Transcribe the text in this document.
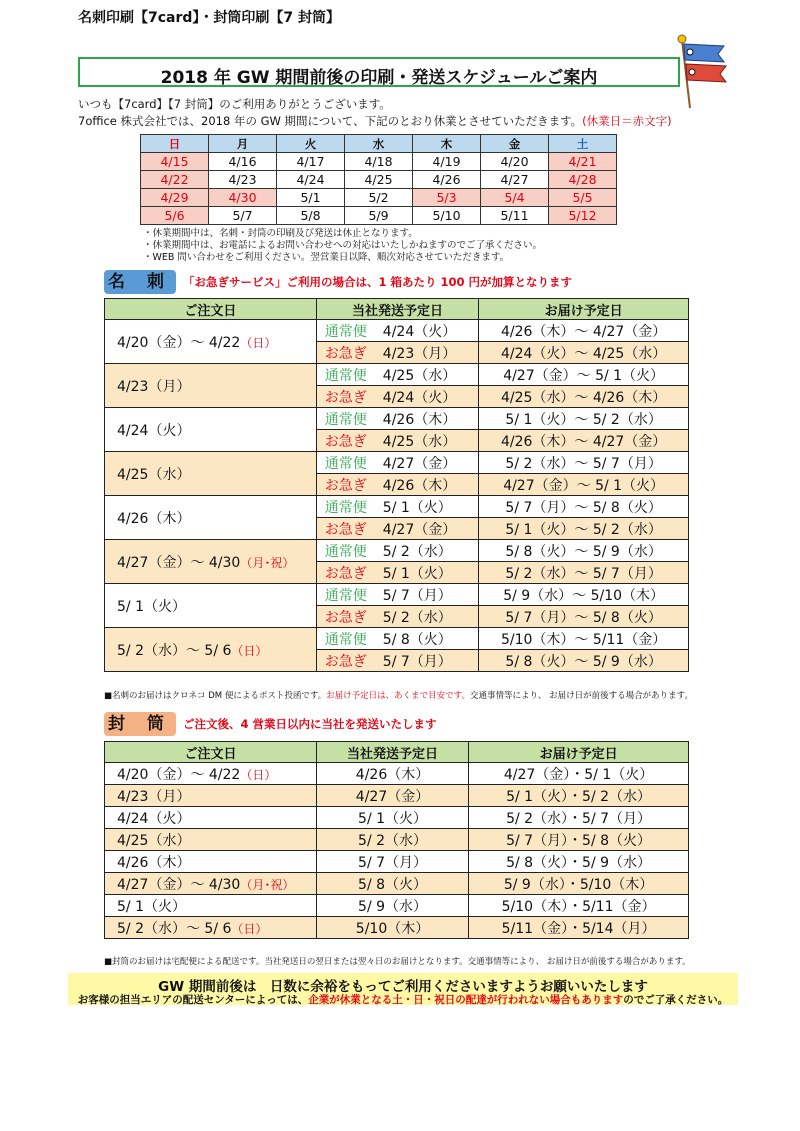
名刺印刷【7card】・封筒印刷【7 封筒】
2018 年 GW 期間前後の印刷・発送スケジュールご案内
いつも【7card】【7 封筒】のご利用ありがとうございます。
7office 株式会社では、2018 年の GW 期間について、下記のとおり休業とさせていただきます。(休業日＝赤文字)
日	月	火	水	木	金	土
4/15	4/16	4/17	4/18	4/19	4/20	4/21
4/22	4/23	4/24	4/25	4/26	4/27	4/28
4/29	4/30	5/1	5/2	5/3	5/4	5/5
5/6	5/7	5/8	5/9	5/10	5/11	5/12
・休業期間中は、名刺・封筒の印刷及び発送は休止となります。
・休業期間中は、お電話によるお問い合わせへの対応はいたしかねますのでご了承ください。
・WEB 問い合わせをご利用ください。翌営業日以降、順次対応させていただきます。
名 刺 「お急ぎサービス」ご利用の場合は、1 箱あたり 100 円が加算となります
ご注文日	当社発送予定日	お届け予定日
4/20（金）～ 4/22（日）	通常便 4/24（火）	4/26（木）～ 4/27（金）
	お急ぎ 4/23（月）	4/24（火）～ 4/25（水）
4/23（月）	通常便 4/25（水）	4/27（金）～ 5/ 1（火）
	お急ぎ 4/24（火）	4/25（水）～ 4/26（木）
4/24（火）	通常便 4/26（木）	5/ 1（火）～ 5/ 2（水）
	お急ぎ 4/25（水）	4/26（木）～ 4/27（金）
4/25（水）	通常便 4/27（金）	5/ 2（水）～ 5/ 7（月）
	お急ぎ 4/26（木）	4/27（金）～ 5/ 1（火）
4/26（木）	通常便 5/ 1（火）	5/ 7（月）～ 5/ 8（火）
	お急ぎ 4/27（金）	5/ 1（火）～ 5/ 2（水）
4/27（金）～ 4/30（月･祝）	通常便 5/ 2（水）	5/ 8（火）～ 5/ 9（水）
	お急ぎ 5/ 1（火）	5/ 2（水）～ 5/ 7（月）
5/ 1（火）	通常便 5/ 7（月）	5/ 9（水）～ 5/10（木）
	お急ぎ 5/ 2（水）	5/ 7（月）～ 5/ 8（火）
5/ 2（水）～ 5/ 6（日）	通常便 5/ 8（火）	5/10（木）～ 5/11（金）
	お急ぎ 5/ 7（月）	5/ 8（火）～ 5/ 9（水）
■名刺のお届けはクロネコ DM 便によるポスト投函です。お届け予定日は、あくまで目安です。交通事情等により、 お届け日が前後する場合があります。
封 筒 ご注文後、4 営業日以内に当社を発送いたします
ご注文日	当社発送予定日	お届け予定日
4/20（金）～ 4/22（日）	4/26（木）	4/27（金）・5/ 1（火）
4/23（月）	4/27（金）	5/ 1（火）・5/ 2（水）
4/24（火）	5/ 1（火）	5/ 2（水）・5/ 7（月）
4/25（水）	5/ 2（水）	5/ 7（月）・5/ 8（火）
4/26（木）	5/ 7（月）	5/ 8（火）・5/ 9（水）
4/27（金）～ 4/30（月･祝）	5/ 8（火）	5/ 9（水）・5/10（木）
5/ 1（火）	5/ 9（水）	5/10（木）・5/11（金）
5/ 2（水）～ 5/ 6（日）	5/10（木）	5/11（金）・5/14（月）
■封筒のお届けは宅配便による配送です。当社発送日の翌日または翌々日のお届けとなります。交通事情等により、 お届け日が前後する場合があります。
GW 期間前後は　日数に余裕をもってご利用くださいますようお願いいたします
お客様の担当エリアの配送センターによっては、企業が休業となる土・日・祝日の配達が行われない場合もありますのでご了承ください。
